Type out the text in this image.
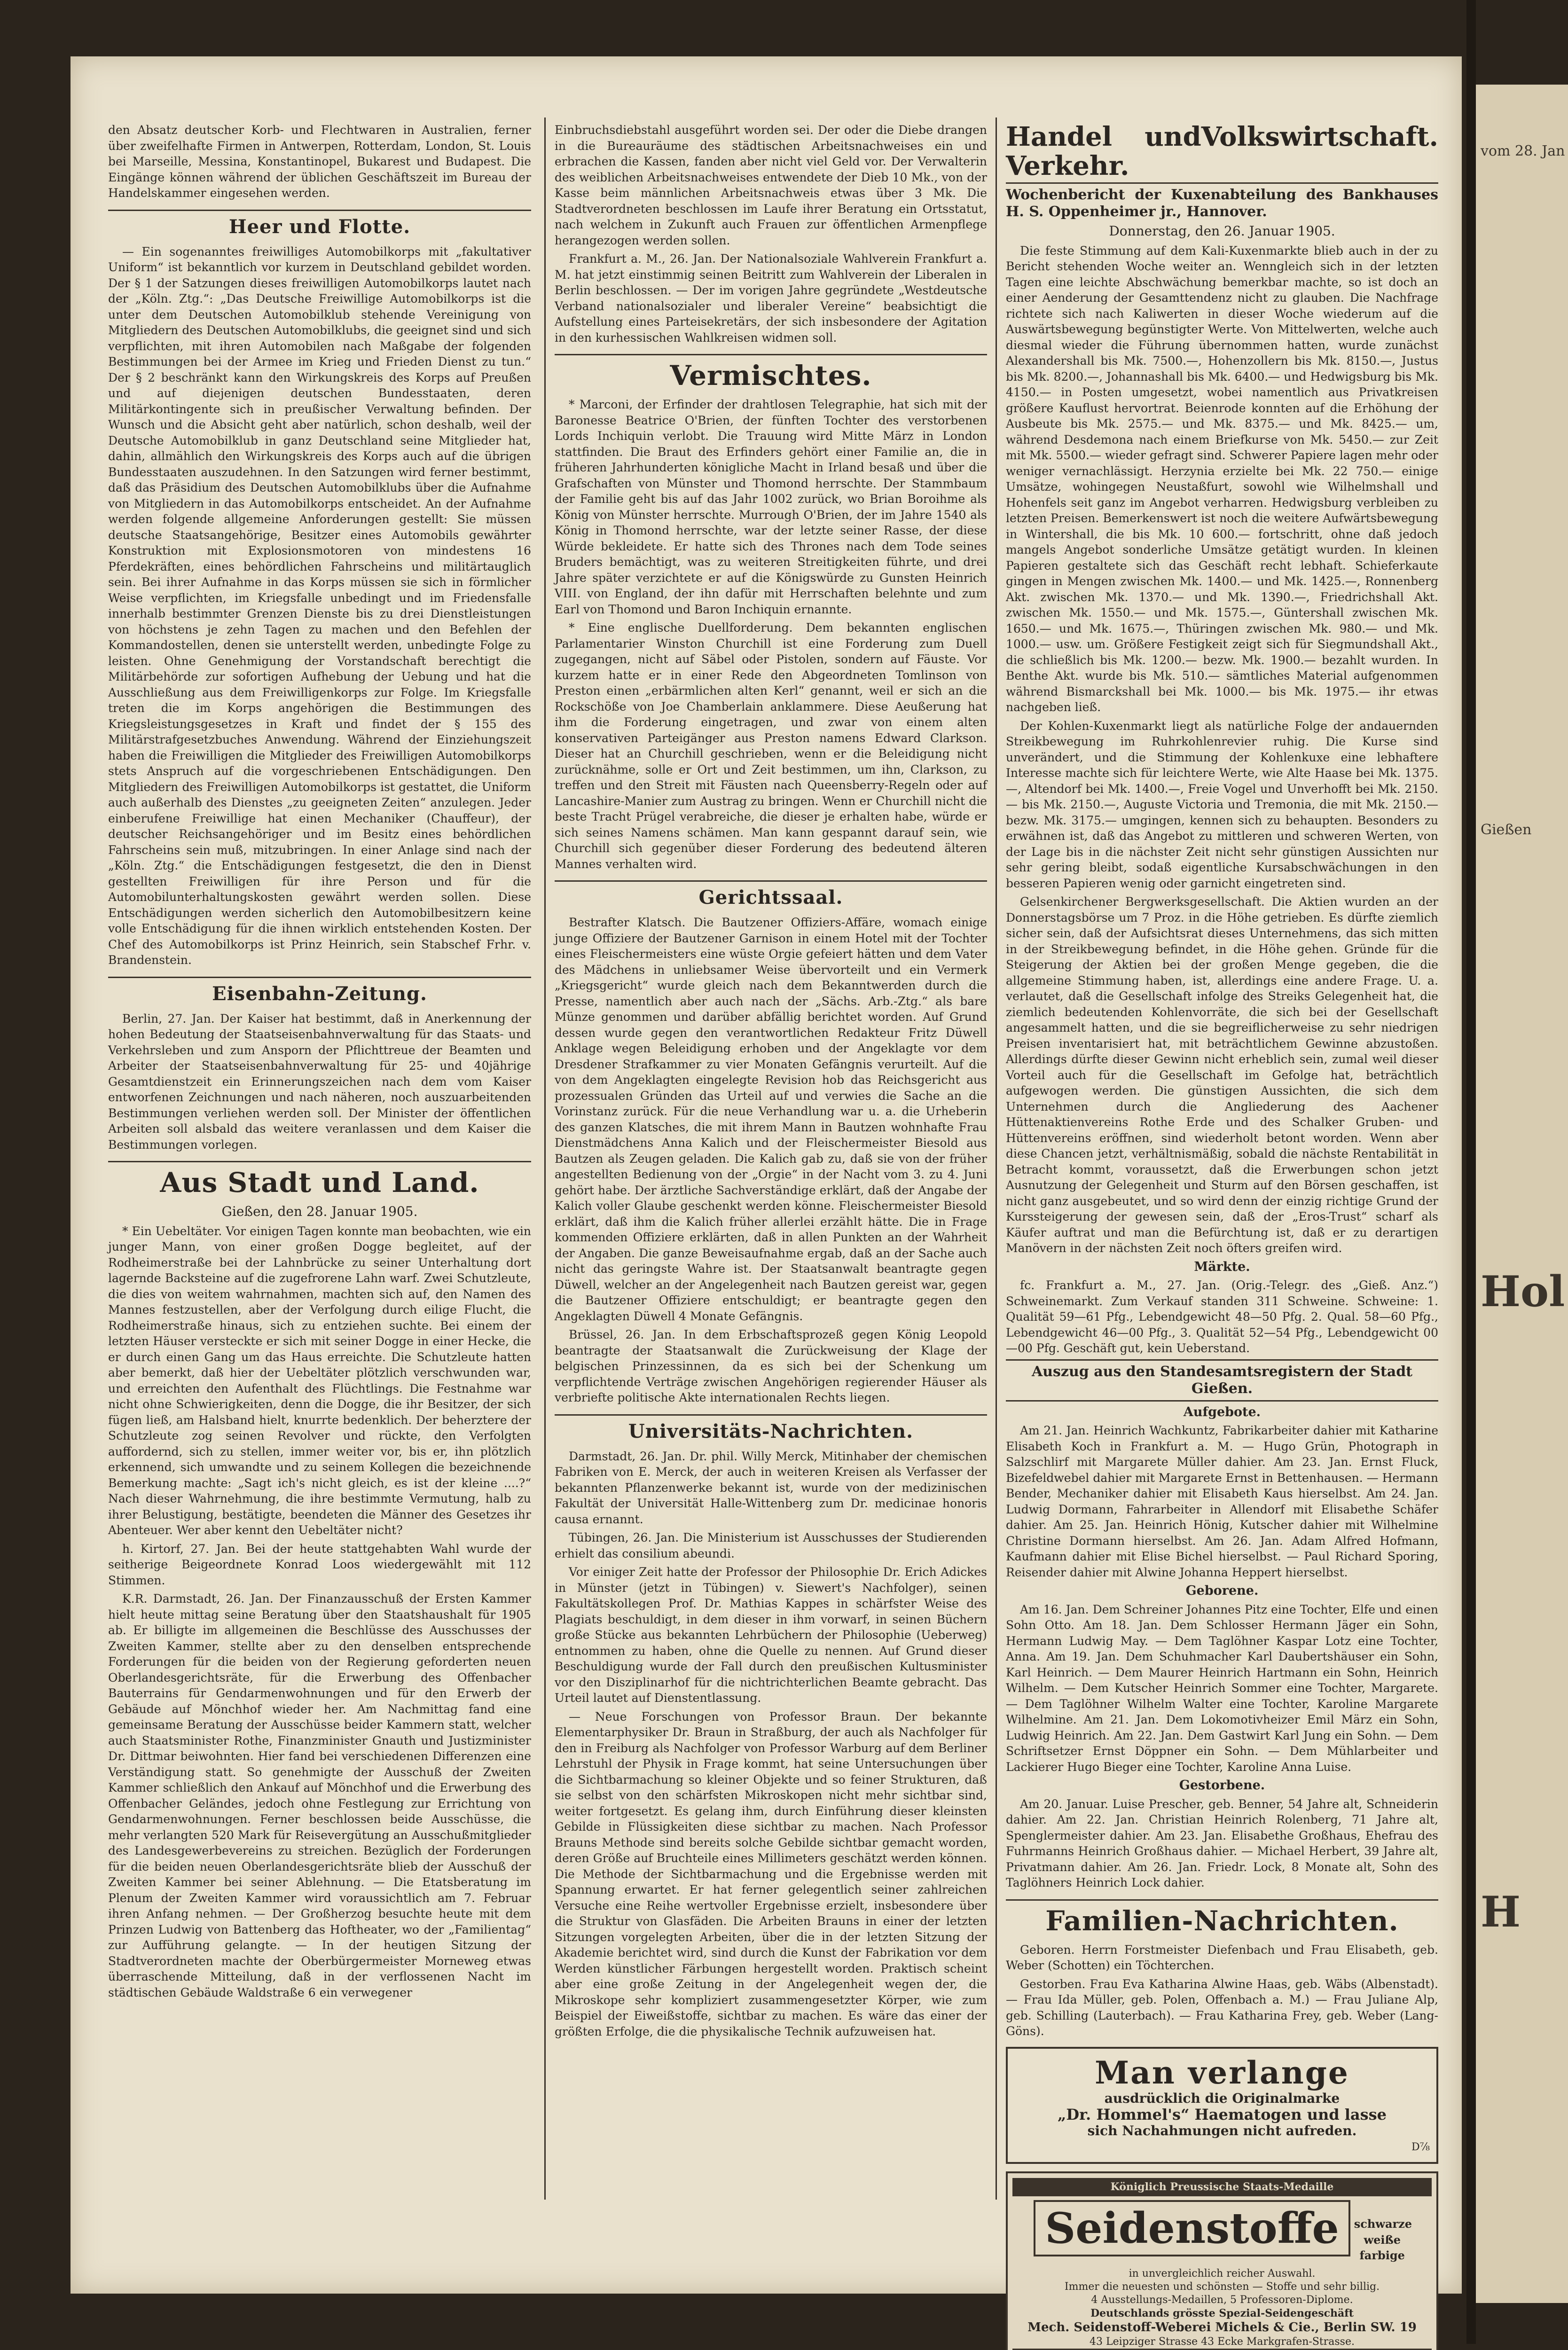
vom 28. Jan
Gießen
Hol
H

den Absatz deutscher Korb- und Flechtwaren in Australien, ferner über zweifelhafte Firmen in Antwerpen, Rotterdam, London, St. Louis bei Marseille, Messina, Konstantinopel, Bukarest und Budapest. Die Eingänge können während der üblichen Geschäftszeit im Bureau der Handelskammer eingesehen werden.

Heer und Flotte.

— Ein sogenanntes freiwilliges Automobilkorps mit „fakultativer Uniform“ ist bekanntlich vor kurzem in Deutschland gebildet worden. Der § 1 der Satzungen dieses freiwilligen Automobilkorps lautet nach der „Köln. Ztg.“: „Das Deutsche Freiwillige Automobilkorps ist die unter dem Deutschen Automobilklub stehende Vereinigung von Mitgliedern des Deutschen Automobilklubs, die geeignet sind und sich verpflichten, mit ihren Automobilen nach Maßgabe der folgenden Bestimmungen bei der Armee im Krieg und Frieden Dienst zu tun.“ Der § 2 beschränkt kann den Wirkungskreis des Korps auf Preußen und auf diejenigen deutschen Bundesstaaten, deren Militärkontingente sich in preußischer Verwaltung befinden. Der Wunsch und die Absicht geht aber natürlich, schon deshalb, weil der Deutsche Automobilklub in ganz Deutschland seine Mitglieder hat, dahin, allmählich den Wirkungskreis des Korps auch auf die übrigen Bundesstaaten auszudehnen. In den Satzungen wird ferner bestimmt, daß das Präsidium des Deutschen Automobilklubs über die Aufnahme von Mitgliedern in das Automobilkorps entscheidet. An der Aufnahme werden folgende allgemeine Anforderungen gestellt: Sie müssen deutsche Staatsangehörige, Besitzer eines Automobils gewährter Konstruktion mit Explosionsmotoren von mindestens 16 Pferdekräften, eines behördlichen Fahrscheins und militärtauglich sein. Bei ihrer Aufnahme in das Korps müssen sie sich in förmlicher Weise verpflichten, im Kriegsfalle unbedingt und im Friedensfalle innerhalb bestimmter Grenzen Dienste bis zu drei Dienstleistungen von höchstens je zehn Tagen zu machen und den Befehlen der Kommandostellen, denen sie unterstellt werden, unbedingte Folge zu leisten. Ohne Genehmigung der Vorstandschaft berechtigt die Militärbehörde zur sofortigen Aufhebung der Uebung und hat die Ausschließung aus dem Freiwilligenkorps zur Folge. Im Kriegsfalle treten die im Korps angehörigen die Bestimmungen des Kriegsleistungsgesetzes in Kraft und findet der § 155 des Militärstrafgesetzbuches Anwendung. Während der Einziehungszeit haben die Freiwilligen die Mitglieder des Freiwilligen Automobilkorps stets Anspruch auf die vorgeschriebenen Entschädigungen. Den Mitgliedern des Freiwilligen Automobilkorps ist gestattet, die Uniform auch außerhalb des Dienstes „zu geeigneten Zeiten“ anzulegen. Jeder einberufene Freiwillige hat einen Mechaniker (Chauffeur), der deutscher Reichsangehöriger und im Besitz eines behördlichen Fahrscheins sein muß, mitzubringen. In einer Anlage sind nach der „Köln. Ztg.“ die Entschädigungen festgesetzt, die den in Dienst gestellten Freiwilligen für ihre Person und für die Automobilunterhaltungskosten gewährt werden sollen. Diese Entschädigungen werden sicherlich den Automobilbesitzern keine volle Entschädigung für die ihnen wirklich entstehenden Kosten. Der Chef des Automobilkorps ist Prinz Heinrich, sein Stabschef Frhr. v. Brandenstein.

Eisenbahn-Zeitung.

Berlin, 27. Jan. Der Kaiser hat bestimmt, daß in Anerkennung der hohen Bedeutung der Staatseisenbahnverwaltung für das Staats- und Verkehrsleben und zum Ansporn der Pflichttreue der Beamten und Arbeiter der Staatseisenbahnverwaltung für 25- und 40jährige Gesamtdienstzeit ein Erinnerungszeichen nach dem vom Kaiser entworfenen Zeichnungen und nach näheren, noch auszuarbeitenden Bestimmungen verliehen werden soll. Der Minister der öffentlichen Arbeiten soll alsbald das weitere veranlassen und dem Kaiser die Bestimmungen vorlegen.

Aus Stadt und Land.
Gießen, den 28. Januar 1905.

* Ein Uebeltäter. Vor einigen Tagen konnte man beobachten, wie ein junger Mann, von einer großen Dogge begleitet, auf der Rodheimerstraße bei der Lahnbrücke zu seiner Unterhaltung dort lagernde Backsteine auf die zugefrorene Lahn warf. Zwei Schutzleute, die dies von weitem wahrnahmen, machten sich auf, den Namen des Mannes festzustellen, aber der Verfolgung durch eilige Flucht, die Rodheimerstraße hinaus, sich zu entziehen suchte. Bei einem der letzten Häuser versteckte er sich mit seiner Dogge in einer Hecke, die er durch einen Gang um das Haus erreichte. Die Schutzleute hatten aber bemerkt, daß hier der Uebeltäter plötzlich verschwunden war, und erreichten den Aufenthalt des Flüchtlings. Die Festnahme war nicht ohne Schwierigkeiten, denn die Dogge, die ihr Besitzer, der sich fügen ließ, am Halsband hielt, knurrte bedenklich. Der beherztere der Schutzleute zog seinen Revolver und rückte, den Verfolgten auffordernd, sich zu stellen, immer weiter vor, bis er, ihn plötzlich erkennend, sich umwandte und zu seinem Kollegen die bezeichnende Bemerkung machte: „Sagt ich's nicht gleich, es ist der kleine ....?“ Nach dieser Wahrnehmung, die ihre bestimmte Vermutung, halb zu ihrer Belustigung, bestätigte, beendeten die Männer des Gesetzes ihr Abenteuer. Wer aber kennt den Uebeltäter nicht?

h. Kirtorf, 27. Jan. Bei der heute stattgehabten Wahl wurde der seitherige Beigeordnete Konrad Loos wiedergewählt mit 112 Stimmen.

K.R. Darmstadt, 26. Jan. Der Finanzausschuß der Ersten Kammer hielt heute mittag seine Beratung über den Staatshaushalt für 1905 ab. Er billigte im allgemeinen die Beschlüsse des Ausschusses der Zweiten Kammer, stellte aber zu den denselben entsprechende Forderungen für die beiden von der Regierung geforderten neuen Oberlandesgerichtsräte, für die Erwerbung des Offenbacher Bauterrains für Gendarmenwohnungen und für den Erwerb der Gebäude auf Mönchhof wieder her. Am Nachmittag fand eine gemeinsame Beratung der Ausschüsse beider Kammern statt, welcher auch Staatsminister Rothe, Finanzminister Gnauth und Justizminister Dr. Dittmar beiwohnten. Hier fand bei verschiedenen Differenzen eine Verständigung statt. So genehmigte der Ausschuß der Zweiten Kammer schließlich den Ankauf auf Mönchhof und die Erwerbung des Offenbacher Geländes, jedoch ohne Festlegung zur Errichtung von Gendarmenwohnungen. Ferner beschlossen beide Ausschüsse, die mehr verlangten 520 Mark für Reisevergütung an Ausschußmitglieder des Landesgewerbevereins zu streichen. Bezüglich der Forderungen für die beiden neuen Oberlandesgerichtsräte blieb der Ausschuß der Zweiten Kammer bei seiner Ablehnung. — Die Etatsberatung im Plenum der Zweiten Kammer wird voraussichtlich am 7. Februar ihren Anfang nehmen. — Der Großherzog besuchte heute mit dem Prinzen Ludwig von Battenberg das Hoftheater, wo der „Familientag“ zur Aufführung gelangte. — In der heutigen Sitzung der Stadtverordneten machte der Oberbürgermeister Morneweg etwas überraschende Mitteilung, daß in der verflossenen Nacht im städtischen Gebäude Waldstraße 6 ein verwegener

Einbruchsdiebstahl ausgeführt worden sei. Der oder die Diebe drangen in die Bureauräume des städtischen Arbeitsnachweises ein und erbrachen die Kassen, fanden aber nicht viel Geld vor. Der Verwalterin des weiblichen Arbeitsnachweises entwendete der Dieb 10 Mk., von der Kasse beim männlichen Arbeitsnachweis etwas über 3 Mk. Die Stadtverordneten beschlossen im Laufe ihrer Beratung ein Ortsstatut, nach welchem in Zukunft auch Frauen zur öffentlichen Armenpflege herangezogen werden sollen.

Frankfurt a. M., 26. Jan. Der Nationalsoziale Wahlverein Frankfurt a. M. hat jetzt einstimmig seinen Beitritt zum Wahlverein der Liberalen in Berlin beschlossen. — Der im vorigen Jahre gegründete „Westdeutsche Verband nationalsozialer und liberaler Vereine“ beabsichtigt die Aufstellung eines Parteisekretärs, der sich insbesondere der Agitation in den kurhessischen Wahlkreisen widmen soll.

Vermischtes.

* Marconi, der Erfinder der drahtlosen Telegraphie, hat sich mit der Baronesse Beatrice O'Brien, der fünften Tochter des verstorbenen Lords Inchiquin verlobt. Die Trauung wird Mitte März in London stattfinden. Die Braut des Erfinders gehört einer Familie an, die in früheren Jahrhunderten königliche Macht in Irland besaß und über die Grafschaften von Münster und Thomond herrschte. Der Stammbaum der Familie geht bis auf das Jahr 1002 zurück, wo Brian Boroihme als König von Münster herrschte. Murrough O'Brien, der im Jahre 1540 als König in Thomond herrschte, war der letzte seiner Rasse, der diese Würde bekleidete. Er hatte sich des Thrones nach dem Tode seines Bruders bemächtigt, was zu weiteren Streitigkeiten führte, und drei Jahre später verzichtete er auf die Königswürde zu Gunsten Heinrich VIII. von England, der ihn dafür mit Herrschaften belehnte und zum Earl von Thomond und Baron Inchiquin ernannte.

* Eine englische Duellforderung. Dem bekannten englischen Parlamentarier Winston Churchill ist eine Forderung zum Duell zugegangen, nicht auf Säbel oder Pistolen, sondern auf Fäuste. Vor kurzem hatte er in einer Rede den Abgeordneten Tomlinson von Preston einen „erbärmlichen alten Kerl“ genannt, weil er sich an die Rockschöße von Joe Chamberlain anklammere. Diese Aeußerung hat ihm die Forderung eingetragen, und zwar von einem alten konservativen Parteigänger aus Preston namens Edward Clarkson. Dieser hat an Churchill geschrieben, wenn er die Beleidigung nicht zurücknähme, solle er Ort und Zeit bestimmen, um ihn, Clarkson, zu treffen und den Streit mit Fäusten nach Queensberry-Regeln oder auf Lancashire-Manier zum Austrag zu bringen. Wenn er Churchill nicht die beste Tracht Prügel verabreiche, die dieser je erhalten habe, würde er sich seines Namens schämen. Man kann gespannt darauf sein, wie Churchill sich gegenüber dieser Forderung des bedeutend älteren Mannes verhalten wird.

Gerichtssaal.

Bestrafter Klatsch. Die Bautzener Offiziers-Affäre, womach einige junge Offiziere der Bautzener Garnison in einem Hotel mit der Tochter eines Fleischermeisters eine wüste Orgie gefeiert hätten und dem Vater des Mädchens in unliebsamer Weise übervorteilt und ein Vermerk „Kriegsgericht“ wurde gleich nach dem Bekanntwerden durch die Presse, namentlich aber auch nach der „Sächs. Arb.-Ztg.“ als bare Münze genommen und darüber abfällig berichtet worden. Auf Grund dessen wurde gegen den verantwortlichen Redakteur Fritz Düwell Anklage wegen Beleidigung erhoben und der Angeklagte vor dem Dresdener Strafkammer zu vier Monaten Gefängnis verurteilt. Auf die von dem Angeklagten eingelegte Revision hob das Reichsgericht aus prozessualen Gründen das Urteil auf und verwies die Sache an die Vorinstanz zurück. Für die neue Verhandlung war u. a. die Urheberin des ganzen Klatsches, die mit ihrem Mann in Bautzen wohnhafte Frau Dienstmädchens Anna Kalich und der Fleischermeister Biesold aus Bautzen als Zeugen geladen. Die Kalich gab zu, daß sie von der früher angestellten Bedienung von der „Orgie“ in der Nacht vom 3. zu 4. Juni gehört habe. Der ärztliche Sachverständige erklärt, daß der Angabe der Kalich voller Glaube geschenkt werden könne. Fleischermeister Biesold erklärt, daß ihm die Kalich früher allerlei erzählt hätte. Die in Frage kommenden Offiziere erklärten, daß in allen Punkten an der Wahrheit der Angaben. Die ganze Beweisaufnahme ergab, daß an der Sache auch nicht das geringste Wahre ist. Der Staatsanwalt beantragte gegen Düwell, welcher an der Angelegenheit nach Bautzen gereist war, gegen die Bautzener Offiziere entschuldigt; er beantragte gegen den Angeklagten Düwell 4 Monate Gefängnis.

Brüssel, 26. Jan. In dem Erbschaftsprozeß gegen König Leopold beantragte der Staatsanwalt die Zurückweisung der Klage der belgischen Prinzessinnen, da es sich bei der Schenkung um verpflichtende Verträge zwischen Angehörigen regierender Häuser als verbriefte politische Akte internationalen Rechts liegen.

Universitäts-Nachrichten.

Darmstadt, 26. Jan. Dr. phil. Willy Merck, Mitinhaber der chemischen Fabriken von E. Merck, der auch in weiteren Kreisen als Verfasser der bekannten Pflanzenwerke bekannt ist, wurde von der medizinischen Fakultät der Universität Halle-Wittenberg zum Dr. medicinae honoris causa ernannt.

Tübingen, 26. Jan. Die Ministerium ist Ausschusses der Studierenden erhielt das consilium abeundi.

Vor einiger Zeit hatte der Professor der Philosophie Dr. Erich Adickes in Münster (jetzt in Tübingen) v. Siewert's Nachfolger), seinen Fakultätskollegen Prof. Dr. Mathias Kappes in schärfster Weise des Plagiats beschuldigt, in dem dieser in ihm vorwarf, in seinen Büchern große Stücke aus bekannten Lehrbüchern der Philosophie (Ueberweg) entnommen zu haben, ohne die Quelle zu nennen. Auf Grund dieser Beschuldigung wurde der Fall durch den preußischen Kultusminister vor den Disziplinarhof für die nichtrichterlichen Beamte gebracht. Das Urteil lautet auf Dienstentlassung.

— Neue Forschungen von Professor Braun. Der bekannte Elementarphysiker Dr. Braun in Straßburg, der auch als Nachfolger für den in Freiburg als Nachfolger von Professor Warburg auf dem Berliner Lehrstuhl der Physik in Frage kommt, hat seine Untersuchungen über die Sichtbarmachung so kleiner Objekte und so feiner Strukturen, daß sie selbst von den schärfsten Mikroskopen nicht mehr sichtbar sind, weiter fortgesetzt. Es gelang ihm, durch Einführung dieser kleinsten Gebilde in Flüssigkeiten diese sichtbar zu machen. Nach Professor Brauns Methode sind bereits solche Gebilde sichtbar gemacht worden, deren Größe auf Bruchteile eines Millimeters geschätzt werden können. Die Methode der Sichtbarmachung und die Ergebnisse werden mit Spannung erwartet. Er hat ferner gelegentlich seiner zahlreichen Versuche eine Reihe wertvoller Ergebnisse erzielt, insbesondere über die Struktur von Glasfäden. Die Arbeiten Brauns in einer der letzten Sitzungen vorgelegten Arbeiten, über die in der letzten Sitzung der Akademie berichtet wird, sind durch die Kunst der Fabrikation vor dem Werden künstlicher Färbungen hergestellt worden. Praktisch scheint aber eine große Zeitung in der Angelegenheit wegen der, die Mikroskope sehr kompliziert zusammengesetzter Körper, wie zum Beispiel der Eiweißstoffe, sichtbar zu machen. Es wäre das einer der größten Erfolge, die die physikalische Technik aufzuweisen hat.

Handel und Verkehr.
Volkswirtschaft.
Wochenbericht der Kuxenabteilung des Bankhauses H. S. Oppenheimer jr., Hannover.
Donnerstag, den 26. Januar 1905.

Die feste Stimmung auf dem Kali-Kuxenmarkte blieb auch in der zu Bericht stehenden Woche weiter an. Wenngleich sich in der letzten Tagen eine leichte Abschwächung bemerkbar machte, so ist doch an einer Aenderung der Gesamttendenz nicht zu glauben. Die Nachfrage richtete sich nach Kaliwerten in dieser Woche wiederum auf die Auswärtsbewegung begünstigter Werte. Von Mittelwerten, welche auch diesmal wieder die Führung übernommen hatten, wurde zunächst Alexandershall bis Mk. 7500.—, Hohenzollern bis Mk. 8150.—, Justus bis Mk. 8200.—, Johannashall bis Mk. 6400.— und Hedwigsburg bis Mk. 4150.— in Posten umgesetzt, wobei namentlich aus Privatkreisen größere Kauflust hervortrat. Beienrode konnten auf die Erhöhung der Ausbeute bis Mk. 2575.— und Mk. 8375.— und Mk. 8425.— um, während Desdemona nach einem Briefkurse von Mk. 5450.— zur Zeit mit Mk. 5500.— wieder gefragt sind. Schwerer Papiere lagen mehr oder weniger vernachlässigt. Herzynia erzielte bei Mk. 22 750.— einige Umsätze, wohingegen Neustaßfurt, sowohl wie Wilhelmshall und Hohenfels seit ganz im Angebot verharren. Hedwigsburg verbleiben zu letzten Preisen. Bemerkenswert ist noch die weitere Aufwärtsbewegung in Wintershall, die bis Mk. 10 600.— fortschritt, ohne daß jedoch mangels Angebot sonderliche Umsätze getätigt wurden. In kleinen Papieren gestaltete sich das Geschäft recht lebhaft. Schieferkaute gingen in Mengen zwischen Mk. 1400.— und Mk. 1425.—, Ronnenberg Akt. zwischen Mk. 1370.— und Mk. 1390.—, Friedrichshall Akt. zwischen Mk. 1550.— und Mk. 1575.—, Güntershall zwischen Mk. 1650.— und Mk. 1675.—, Thüringen zwischen Mk. 980.— und Mk. 1000.— usw. um. Größere Festigkeit zeigt sich für Siegmundshall Akt., die schließlich bis Mk. 1200.— bezw. Mk. 1900.— bezahlt wurden. In Benthe Akt. wurde bis Mk. 510.— sämtliches Material aufgenommen während Bismarckshall bei Mk. 1000.— bis Mk. 1975.— ihr etwas nachgeben ließ.

Der Kohlen-Kuxenmarkt liegt als natürliche Folge der andauernden Streikbewegung im Ruhrkohlenrevier ruhig. Die Kurse sind unverändert, und die Stimmung der Kohlenkuxe eine lebhaftere Interesse machte sich für leichtere Werte, wie Alte Haase bei Mk. 1375.—, Altendorf bei Mk. 1400.—, Freie Vogel und Unverhofft bei Mk. 2150.— bis Mk. 2150.—, Auguste Victoria und Tremonia, die mit Mk. 2150.— bezw. Mk. 3175.— umgingen, kennen sich zu behaupten. Besonders zu erwähnen ist, daß das Angebot zu mittleren und schweren Werten, von der Lage bis in die nächster Zeit nicht sehr günstigen Aussichten nur sehr gering bleibt, sodaß eigentliche Kursabschwächungen in den besseren Papieren wenig oder garnicht eingetreten sind.

Gelsenkirchener Bergwerksgesellschaft. Die Aktien wurden an der Donnerstagsbörse um 7 Proz. in die Höhe getrieben. Es dürfte ziemlich sicher sein, daß der Aufsichtsrat dieses Unternehmens, das sich mitten in der Streikbewegung befindet, in die Höhe gehen. Gründe für die Steigerung der Aktien bei der großen Menge gegeben, die die allgemeine Stimmung haben, ist, allerdings eine andere Frage. U. a. verlautet, daß die Gesellschaft infolge des Streiks Gelegenheit hat, die ziemlich bedeutenden Kohlenvorräte, die sich bei der Gesellschaft angesammelt hatten, und die sie begreiflicherweise zu sehr niedrigen Preisen inventarisiert hat, mit beträchtlichem Gewinne abzustoßen. Allerdings dürfte dieser Gewinn nicht erheblich sein, zumal weil dieser Vorteil auch für die Gesellschaft im Gefolge hat, beträchtlich aufgewogen werden. Die günstigen Aussichten, die sich dem Unternehmen durch die Angliederung des Aachener Hüttenaktienvereins Rothe Erde und des Schalker Gruben- und Hüttenvereins eröffnen, sind wiederholt betont worden. Wenn aber diese Chancen jetzt, verhältnismäßig, sobald die nächste Rentabilität in Betracht kommt, voraussetzt, daß die Erwerbungen schon jetzt Ausnutzung der Gelegenheit und Sturm auf den Börsen geschaffen, ist nicht ganz ausgebeutet, und so wird denn der einzig richtige Grund der Kurssteigerung der gewesen sein, daß der „Eros-Trust“ scharf als Käufer auftrat und man die Befürchtung ist, daß er zu derartigen Manövern in der nächsten Zeit noch öfters greifen wird.

Märkte.

fc. Frankfurt a. M., 27. Jan. (Orig.-Telegr. des „Gieß. Anz.“) Schweinemarkt. Zum Verkauf standen 311 Schweine. Schweine: 1. Qualität 59—61 Pfg., Lebendgewicht 48—50 Pfg. 2. Qual. 58—60 Pfg., Lebendgewicht 46—00 Pfg., 3. Qualität 52—54 Pfg., Lebendgewicht 00—00 Pfg. Geschäft gut, kein Ueberstand.

Auszug aus den Standesamtsregistern der Stadt Gießen.
Aufgebote.

Am 21. Jan. Heinrich Wachkuntz, Fabrikarbeiter dahier mit Katharine Elisabeth Koch in Frankfurt a. M. — Hugo Grün, Photograph in Salzschlirf mit Margarete Müller dahier. Am 23. Jan. Ernst Fluck, Bizefeldwebel dahier mit Margarete Ernst in Bettenhausen. — Hermann Bender, Mechaniker dahier mit Elisabeth Kaus hierselbst. Am 24. Jan. Ludwig Dormann, Fahrarbeiter in Allendorf mit Elisabethe Schäfer dahier. Am 25. Jan. Heinrich Hönig, Kutscher dahier mit Wilhelmine Christine Dormann hierselbst. Am 26. Jan. Adam Alfred Hofmann, Kaufmann dahier mit Elise Bichel hierselbst. — Paul Richard Sporing, Reisender dahier mit Alwine Johanna Heppert hierselbst.

Geborene.

Am 16. Jan. Dem Schreiner Johannes Pitz eine Tochter, Elfe und einen Sohn Otto. Am 18. Jan. Dem Schlosser Hermann Jäger ein Sohn, Hermann Ludwig May. — Dem Taglöhner Kaspar Lotz eine Tochter, Anna. Am 19. Jan. Dem Schuhmacher Karl Daubertshäuser ein Sohn, Karl Heinrich. — Dem Maurer Heinrich Hartmann ein Sohn, Heinrich Wilhelm. — Dem Kutscher Heinrich Sommer eine Tochter, Margarete. — Dem Taglöhner Wilhelm Walter eine Tochter, Karoline Margarete Wilhelmine. Am 21. Jan. Dem Lokomotivheizer Emil März ein Sohn, Ludwig Heinrich. Am 22. Jan. Dem Gastwirt Karl Jung ein Sohn. — Dem Schriftsetzer Ernst Döppner ein Sohn. — Dem Mühlarbeiter und Lackierer Hugo Bieger eine Tochter, Karoline Anna Luise.

Gestorbene.

Am 20. Januar. Luise Prescher, geb. Benner, 54 Jahre alt, Schneiderin dahier. Am 22. Jan. Christian Heinrich Rolenberg, 71 Jahre alt, Spenglermeister dahier. Am 23. Jan. Elisabethe Großhaus, Ehefrau des Fuhrmanns Heinrich Großhaus dahier. — Michael Herbert, 39 Jahre alt, Privatmann dahier. Am 26. Jan. Friedr. Lock, 8 Monate alt, Sohn des Taglöhners Heinrich Lock dahier.

Familien-Nachrichten.

Geboren. Herrn Forstmeister Diefenbach und Frau Elisabeth, geb. Weber (Schotten) ein Töchterchen.

Gestorben. Frau Eva Katharina Alwine Haas, geb. Wäbs (Albenstadt). — Frau Ida Müller, geb. Polen, Offenbach a. M.) — Frau Juliane Alp, geb. Schilling (Lauterbach). — Frau Katharina Frey, geb. Weber (Lang-Göns).

Man verlange
ausdrücklich die Originalmarke
„Dr. Hommel's“ Haematogen und lasse
sich Nachahmungen nicht aufreden.
D⅞
Königlich Preussische Staats-Medaille
Seidenstoffe schwarze weiße farbige
in unvergleichlich reicher Auswahl.
Immer die neuesten und schönsten — Stoffe und sehr billig.
4 Ausstellungs-Medaillen, 5 Professoren-Diplome.
Deutschlands grösste Spezial-Seidengeschäft
Mech. Seidenstoff-Weberei Michels & Cie., Berlin SW. 19
43 Leipziger Strasse 43 Ecke Markgrafen-Strasse.
